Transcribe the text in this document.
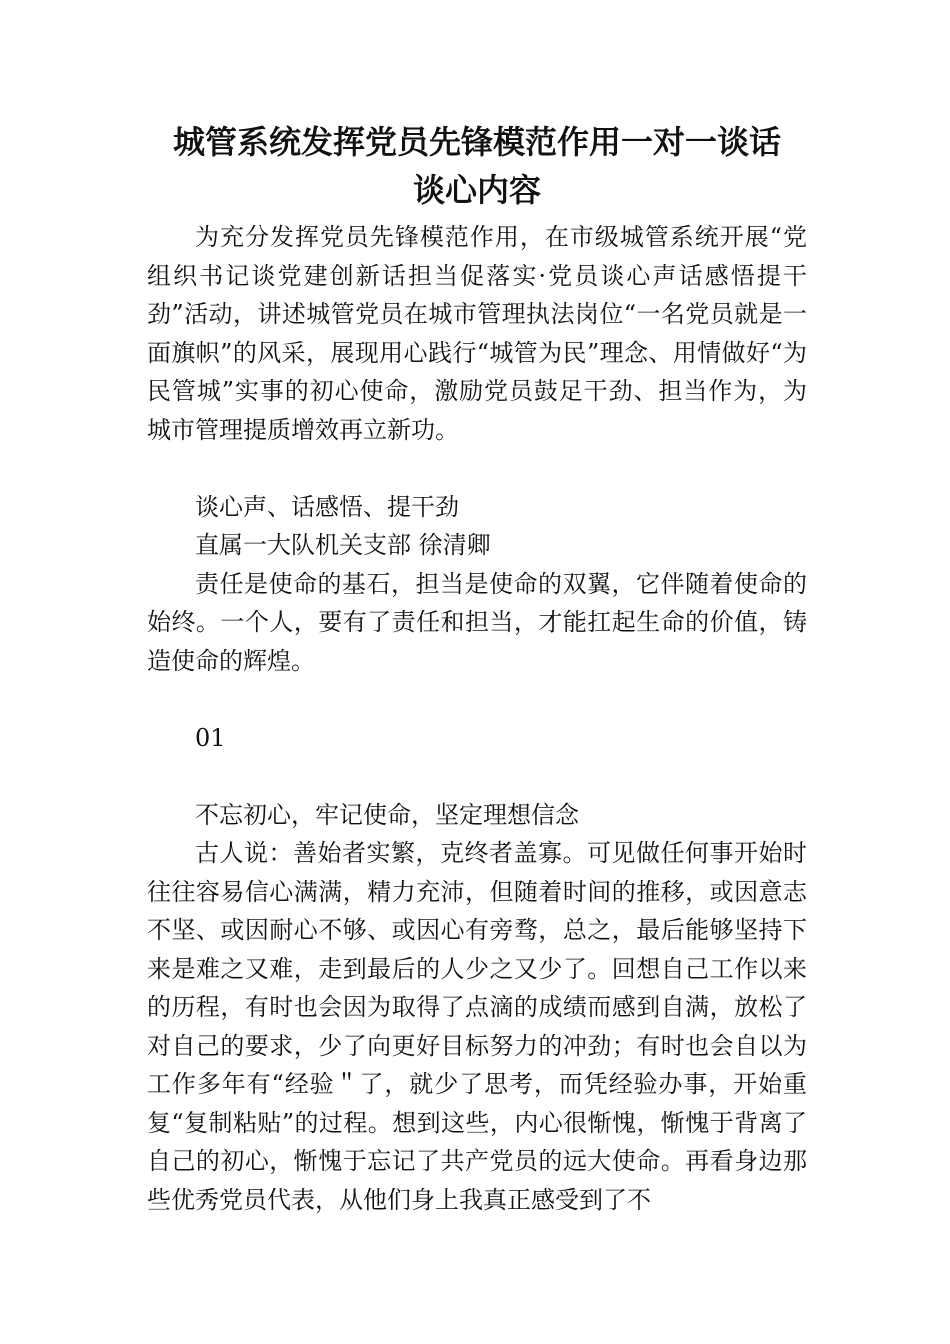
城管系统发挥党员先锋模范作用一对一谈话
谈心内容

为充分发挥党员先锋模范作用，在市级城管系统开展“党组织书记谈党建创新话担当促落实·党员谈心声话感悟提干劲”活动，讲述城管党员在城市管理执法岗位“一名党员就是一面旗帜”的风采，展现用心践行“城管为民”理念、用情做好“为民管城”实事的初心使命，激励党员鼓足干劲、担当作为，为城市管理提质增效再立新功。

谈心声、话感悟、提干劲

直属一大队机关支部 徐清卿

责任是使命的基石，担当是使命的双翼，它伴随着使命的始终。一个人，要有了责任和担当，才能扛起生命的价值，铸造使命的辉煌。

01

不忘初心，牢记使命，坚定理想信念

古人说：善始者实繁，克终者盖寡。可见做任何事开始时往往容易信心满满，精力充沛，但随着时间的推移，或因意志不坚、或因耐心不够、或因心有旁骛，总之，最后能够坚持下来是难之又难，走到最后的人少之又少了。回想自己工作以来的历程，有时也会因为取得了点滴的成绩而感到自满，放松了对自己的要求，少了向更好目标努力的冲劲；有时也会自以为工作多年有“经验＂了，就少了思考，而凭经验办事，开始重复“复制粘贴”的过程。想到这些，内心很惭愧，惭愧于背离了自己的初心，惭愧于忘记了共产党员的远大使命。再看身边那些优秀党员代表，从他们身上我真正感受到了不
